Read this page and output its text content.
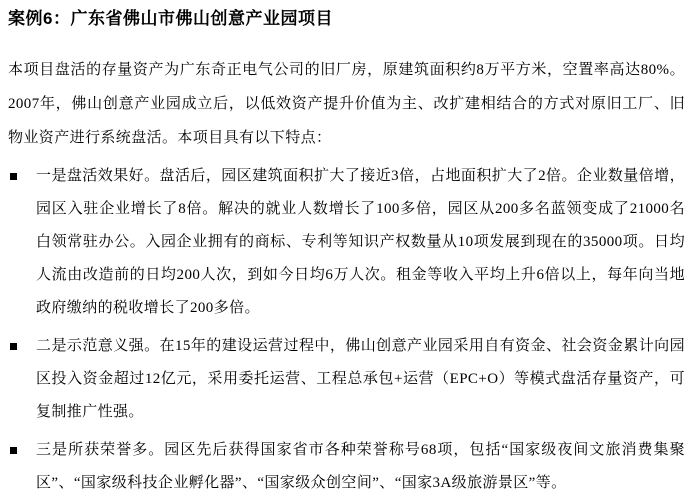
案例6：广东省佛山市佛山创意产业园项目

本项目盘活的存量资产为广东奇正电气公司的旧厂房，原建筑面积约8万平方米，空置率高达80%。2007年，佛山创意产业园成立后，以低效资产提升价值为主、改扩建相结合的方式对原旧工厂、旧物业资产进行系统盘活。本项目具有以下特点：

一是盘活效果好。盘活后，园区建筑面积扩大了接近3倍，占地面积扩大了2倍。企业数量倍增，园区入驻企业增长了8倍。解决的就业人数增长了100多倍，园区从200多名蓝领变成了21000名白领常驻办公。入园企业拥有的商标、专利等知识产权数量从10项发展到现在的35000项。日均人流由改造前的日均200人次，到如今日均6万人次。租金等收入平均上升6倍以上，每年向当地政府缴纳的税收增长了200多倍。
二是示范意义强。在15年的建设运营过程中，佛山创意产业园采用自有资金、社会资金累计向园区投入资金超过12亿元，采用委托运营、工程总承包+运营（EPC+O）等模式盘活存量资产，可复制推广性强。
三是所获荣誉多。园区先后获得国家省市各种荣誉称号68项，包括“国家级夜间文旅消费集聚区”、“国家级科技企业孵化器”、“国家级众创空间”、“国家3A级旅游景区”等。
